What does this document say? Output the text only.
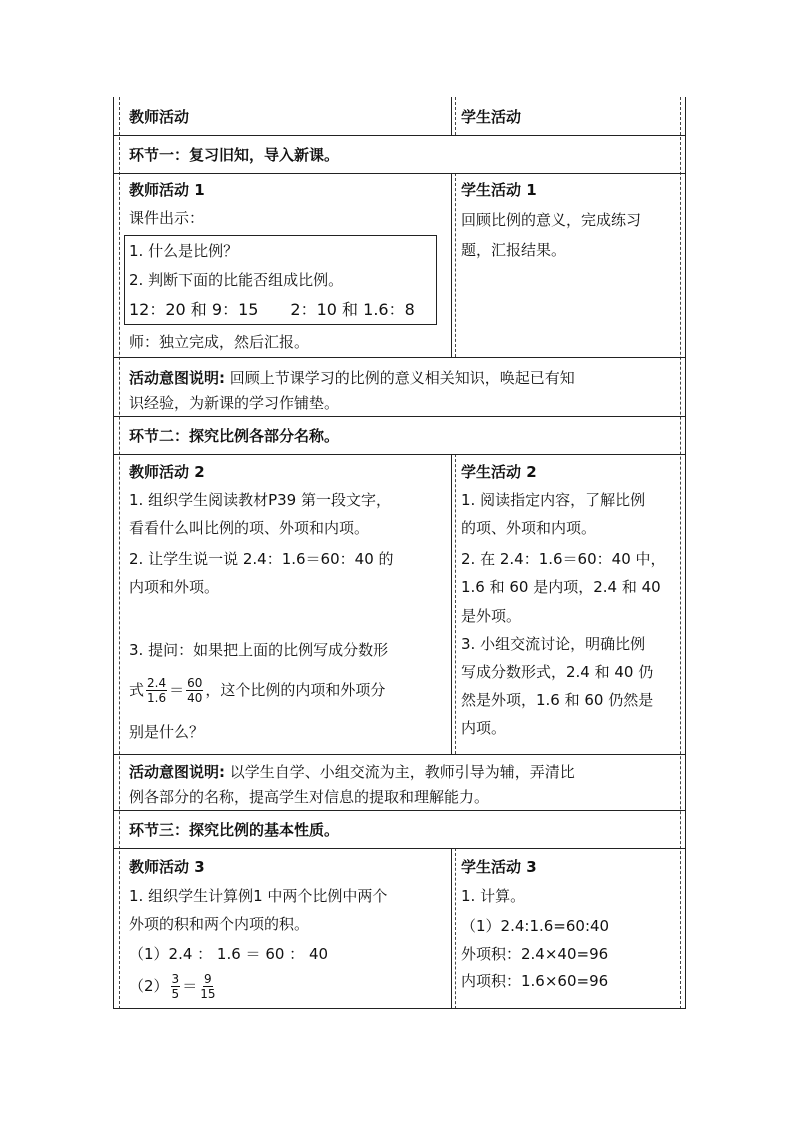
教师活动	学生活动
环节一：复习旧知，导入新课。
教师活动 1
课件出示：
1. 什么是比例？
2. 判断下面的比能否组成比例。
12：20 和 9：15　　2：10 和 1.6：8
师：独立完成，然后汇报。
学生活动 1
回顾比例的意义，完成练习
题，汇报结果。
活动意图说明: 回顾上节课学习的比例的意义相关知识，唤起已有知
识经验，为新课的学习作铺垫。
环节二：探究比例各部分名称。
教师活动 2
1. 组织学生阅读教材P39 第一段文字，
看看什么叫比例的项、外项和内项。
2. 让学生说一说 2.4：1.6＝60：40 的
内项和外项。
3. 提问：如果把上面的比例写成分数形
式 $\frac{2.4}{1.6} = \frac{60}{40}$ ，这个比例的内项和外项分
别是什么？
学生活动 2
1. 阅读指定内容，了解比例
的项、外项和内项。
2. 在 2.4：1.6＝60：40 中，
1.6 和 60 是内项，2.4 和 40
是外项。
3. 小组交流讨论，明确比例
写成分数形式，2.4 和 40 仍
然是外项，1.6 和 60 仍然是
内项。
活动意图说明: 以学生自学、小组交流为主，教师引导为辅，弄清比
例各部分的名称，提高学生对信息的提取和理解能力。
环节三：探究比例的基本性质。
教师活动 3
1. 组织学生计算例1 中两个比例中两个
外项的积和两个内项的积。
（1）2.4 ： 1.6 ＝ 60 ： 40
$(2) \frac{3}{5} = \frac{9}{15}$
学生活动 3
1. 计算。
（1）2.4:1.6=60:40
外项积：2.4×40=96
内项积：1.6×60=96
